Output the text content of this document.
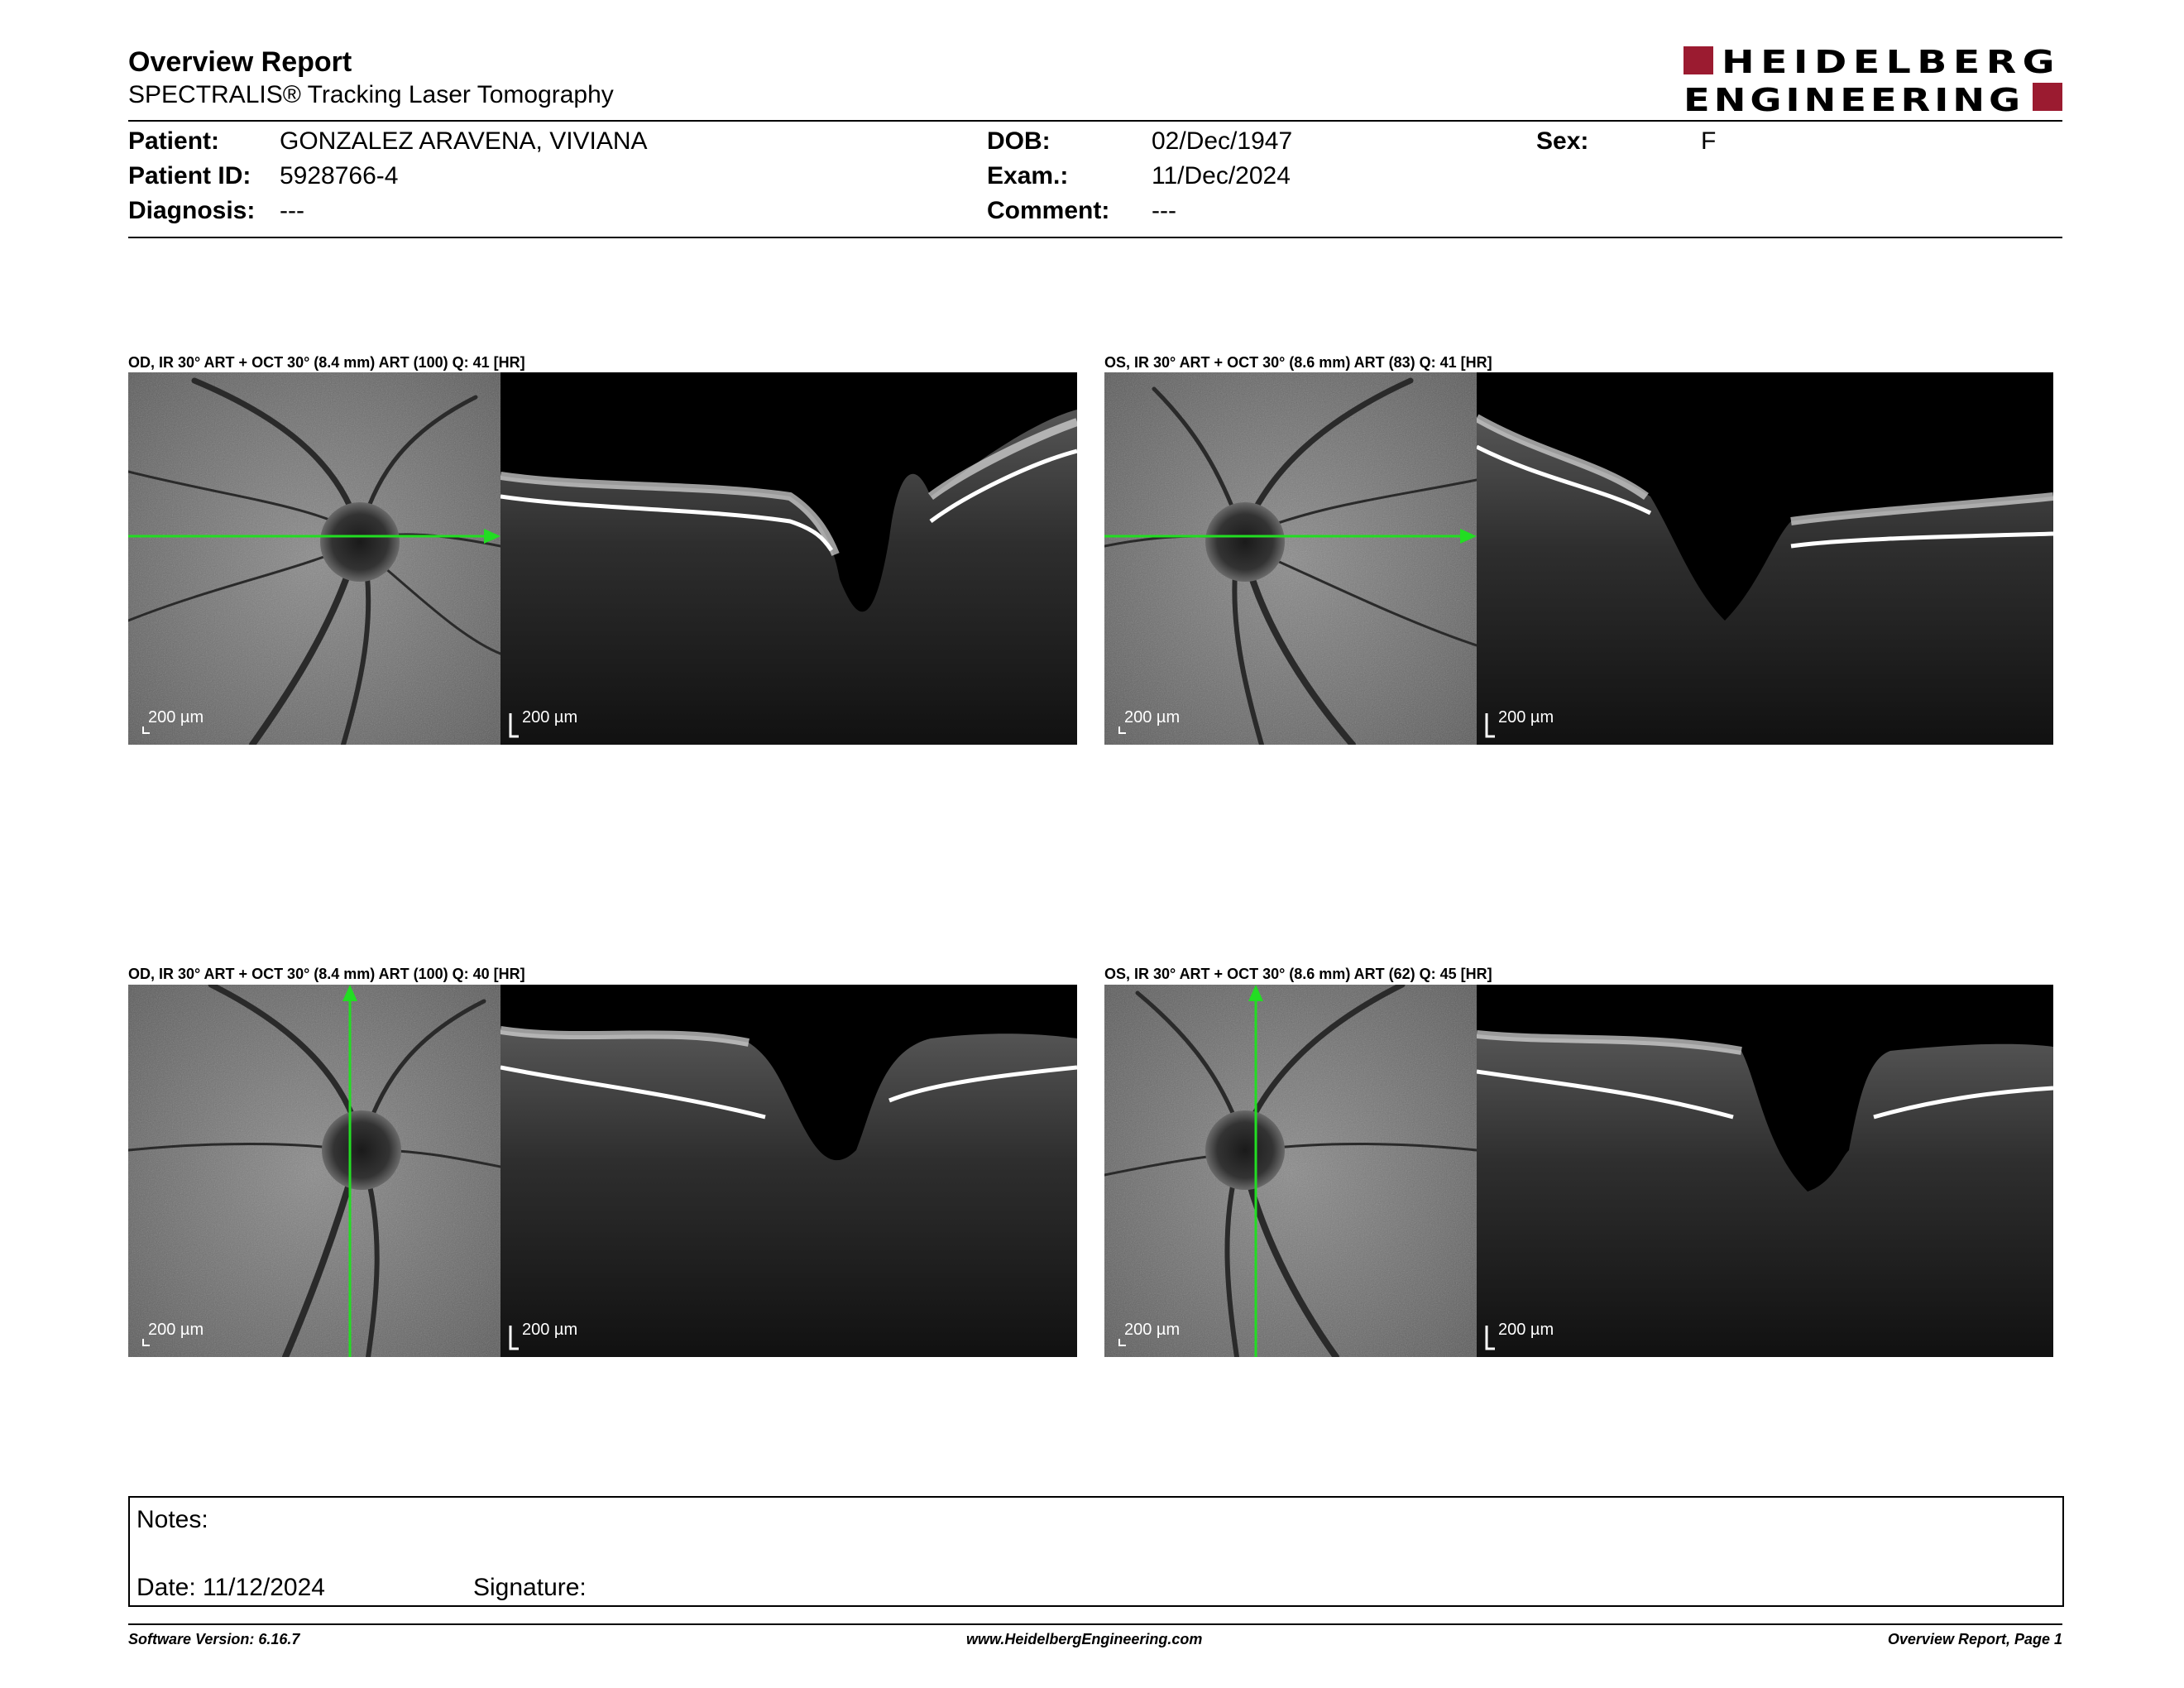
Overview Report
SPECTRALIS® Tracking Laser Tomography
HEIDELBERG
ENGINEERING
Patient: GONZALEZ ARAVENA, VIVIANA
Patient ID: 5928766-4
Diagnosis: ---
DOB:	02/Dec/1947
Exam.:	11/Dec/2024
Comment: ---
Sex:	F
OD, IR 30° ART + OCT 30° (8.4 mm) ART (100) Q: 41 [HR]
200 µm	200 µm
OS, IR 30° ART + OCT 30° (8.6 mm) ART (83) Q: 41 [HR]
200 µm	200 µm
OD, IR 30° ART + OCT 30° (8.4 mm) ART (100) Q: 40 [HR]
200 µm	200 µm
OS, IR 30° ART + OCT 30° (8.6 mm) ART (62) Q: 45 [HR]
200 µm	200 µm
Notes:
Date: 11/12/2024	Signature:
Software Version: 6.16.7	www.HeidelbergEngineering.com	Overview Report, Page 1
